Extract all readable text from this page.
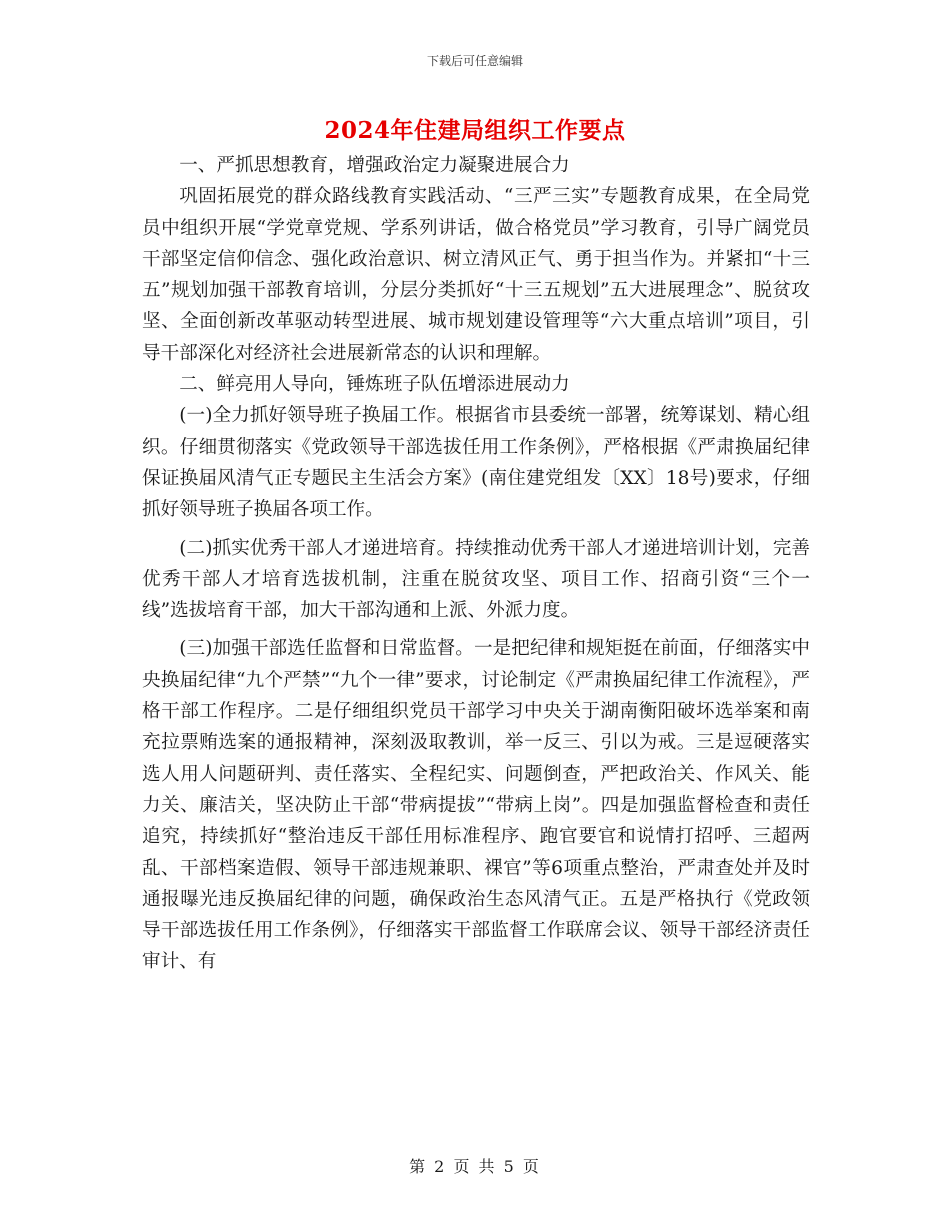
下载后可任意编辑
2024年住建局组织工作要点

一、严抓思想教育，增强政治定力凝聚进展合力

巩固拓展党的群众路线教育实践活动、“三严三实”专题教育成果，在全局党员中组织开展“学党章党规、学系列讲话，做合格党员”学习教育，引导广阔党员干部坚定信仰信念、强化政治意识、树立清风正气、勇于担当作为。并紧扣“十三五”规划加强干部教育培训，分层分类抓好“十三五规划”五大进展理念”、脱贫攻坚、全面创新改革驱动转型进展、城市规划建设管理等“六大重点培训”项目，引导干部深化对经济社会进展新常态的认识和理解。

二、鲜亮用人导向，锤炼班子队伍增添进展动力

(一)全力抓好领导班子换届工作。根据省市县委统一部署，统筹谋划、精心组织。仔细贯彻落实《党政领导干部选拔任用工作条例》，严格根据《严肃换届纪律保证换届风清气正专题民主生活会方案》(南住建党组发〔XX〕18号)要求，仔细抓好领导班子换届各项工作。

(二)抓实优秀干部人才递进培育。持续推动优秀干部人才递进培训计划，完善优秀干部人才培育选拔机制，注重在脱贫攻坚、项目工作、招商引资“三个一线”选拔培育干部，加大干部沟通和上派、外派力度。

(三)加强干部选任监督和日常监督。一是把纪律和规矩挺在前面，仔细落实中央换届纪律“九个严禁”“九个一律”要求，讨论制定《严肃换届纪律工作流程》，严格干部工作程序。二是仔细组织党员干部学习中央关于湖南衡阳破坏选举案和南充拉票贿选案的通报精神，深刻汲取教训，举一反三、引以为戒。三是逗硬落实选人用人问题研判、责任落实、全程纪实、问题倒查，严把政治关、作风关、能力关、廉洁关，坚决防止干部“带病提拔”“带病上岗”。四是加强监督检查和责任追究，持续抓好“整治违反干部任用标准程序、跑官要官和说情打招呼、三超两乱、干部档案造假、领导干部违规兼职、裸官”等6项重点整治，严肃查处并及时通报曝光违反换届纪律的问题，确保政治生态风清气正。五是严格执行《党政领导干部选拔任用工作条例》，仔细落实干部监督工作联席会议、领导干部经济责任审计、有

第 2 页 共 5 页
